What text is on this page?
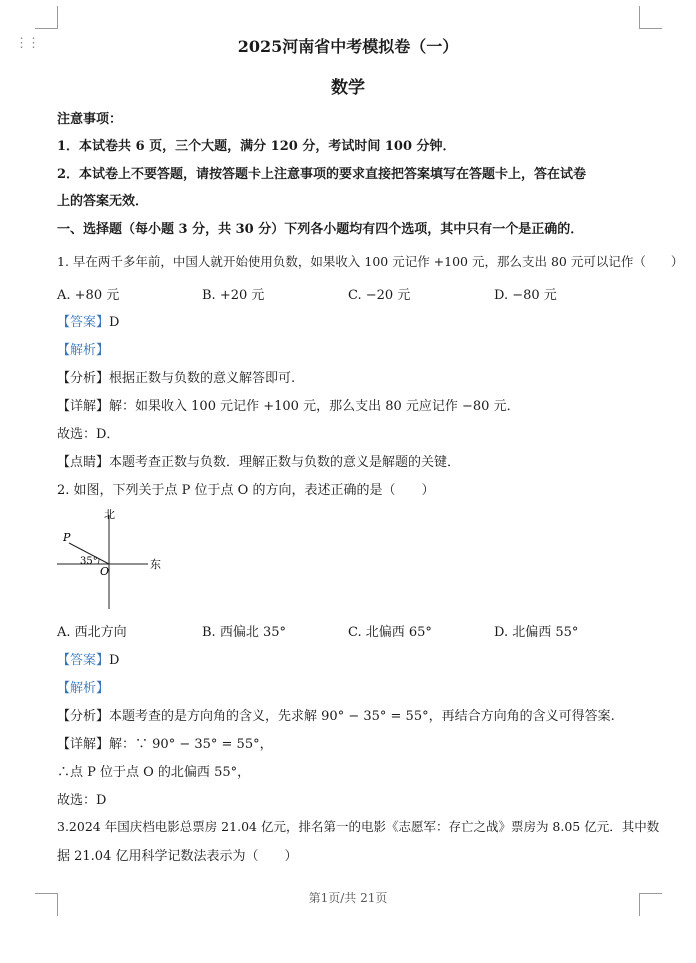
⋮⋮	2025河南省中考模拟卷（一）
数学
注意事项：
1．本试卷共 6 页，三个大题，满分 120 分，考试时间 100 分钟．
2．本试卷上不要答题，请按答题卡上注意事项的要求直接把答案填写在答题卡上，答在试卷
上的答案无效．
一、选择题（每小题 3 分，共 30 分）下列各小题均有四个选项，其中只有一个是正确的．
1. 早在两千多年前，中国人就开始使用负数，如果收入 100 元记作 +100 元，那么支出 80 元可以记作（　　）
A. +80 元	B. +20 元	C. −20 元	D. −80 元
【答案】D
【解析】
【分析】根据正数与负数的意义解答即可.
【详解】解：如果收入 100 元记作 +100 元，那么支出 80 元应记作 −80 元．
故选：D．
【点睛】本题考查正数与负数．理解正数与负数的意义是解题的关键．
2. 如图，下列关于点 P 位于点 O 的方向，表述正确的是（　　）
北
东
P
O
35°
A. 西北方向	B. 西偏北 35°	C. 北偏西 65°	D. 北偏西 55°
【答案】D
【解析】
【分析】本题考查的是方向角的含义，先求解 90° − 35° = 55°，再结合方向角的含义可得答案.
【详解】解：∵ 90° − 35° = 55°，
∴点 P 位于点 O 的北偏西 55°，
故选：D
3.2024 年国庆档电影总票房 21.04 亿元，排名第一的电影《志愿军：存亡之战》票房为 8.05 亿元．其中数
据 21.04 亿用科学记数法表示为（　　）
第1页/共 21页
